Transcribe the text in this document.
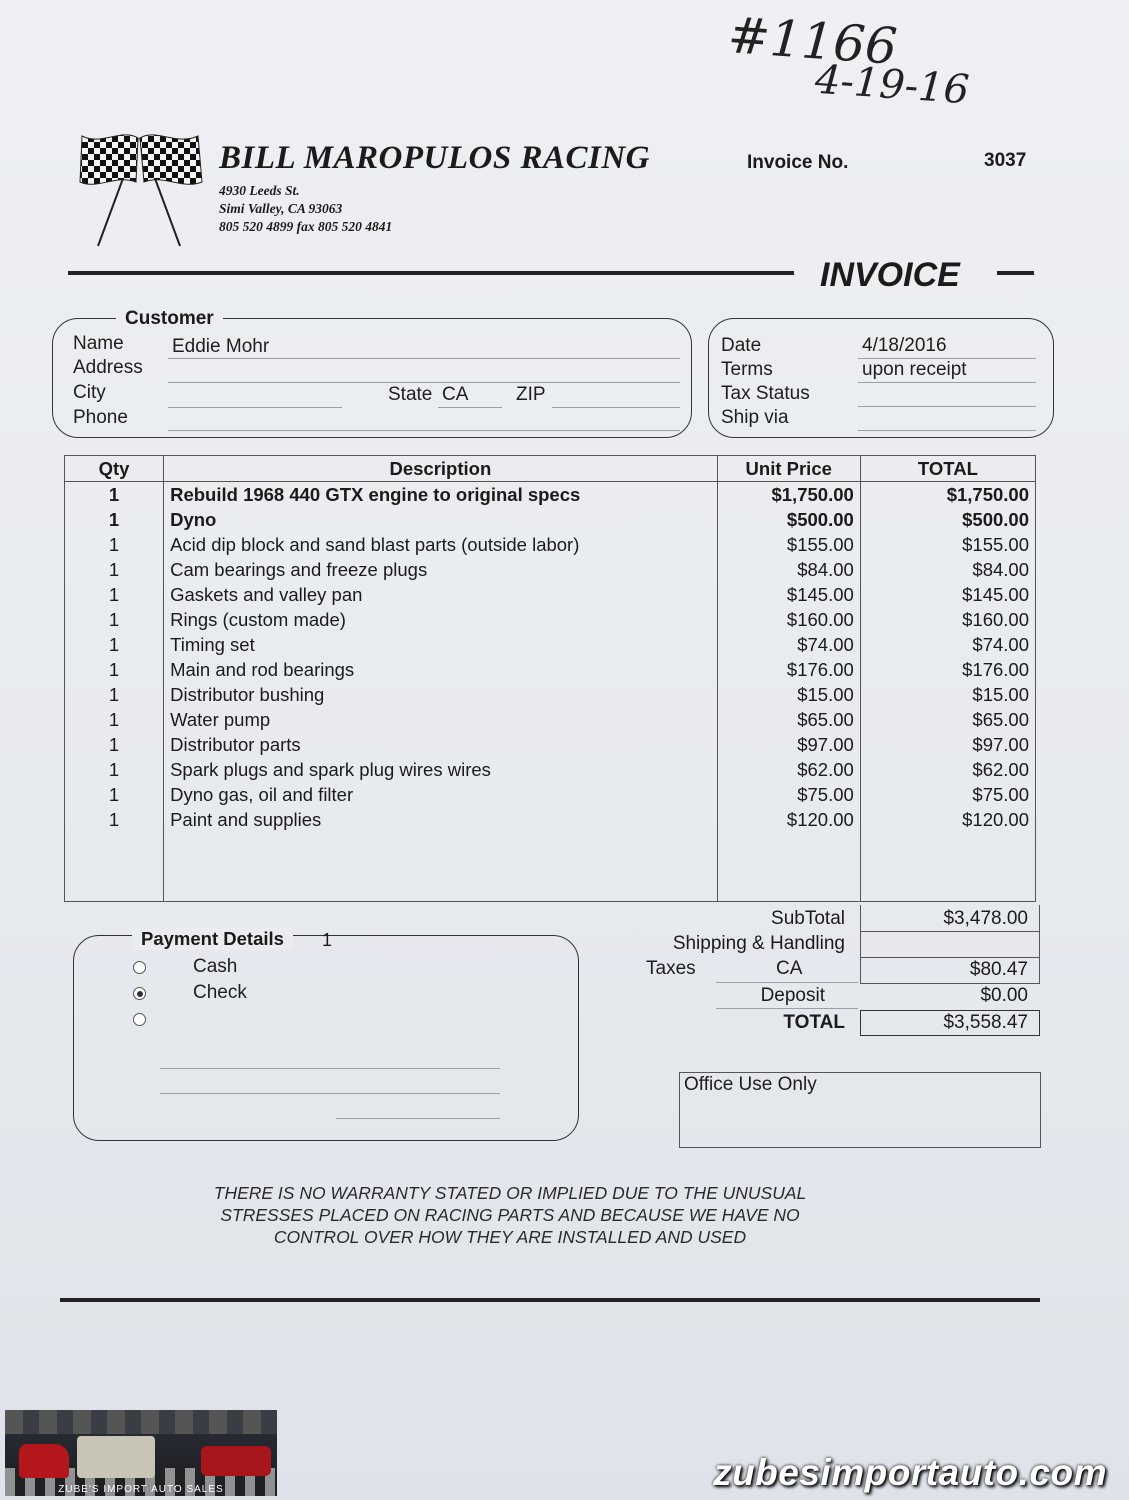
#1166
4-19-16
BILL MAROPULOS RACING
4930 Leeds St.
Simi Valley, CA 93063
805 520 4899 fax 805 520 4841
Invoice No.	3037
INVOICE
Customer
Name	Eddie Mohr
Address
City	State CA	ZIP
Phone
Date	4/18/2016
Terms	upon receipt
Tax Status
Ship via
Qty	Description	Unit Price	TOTAL
1	Rebuild 1968 440 GTX engine to original specs	$1,750.00	$1,750.00
1	Dyno	$500.00	$500.00
1	Acid dip block and sand blast parts (outside labor)	$155.00	$155.00
1	Cam bearings and freeze plugs	$84.00	$84.00
1	Gaskets and valley pan	$145.00	$145.00
1	Rings (custom made)	$160.00	$160.00
1	Timing set	$74.00	$74.00
1	Main and rod bearings	$176.00	$176.00
1	Distributor bushing	$15.00	$15.00
1	Water pump	$65.00	$65.00
1	Distributor parts	$97.00	$97.00
1	Spark plugs and spark plug wires wires	$62.00	$62.00
1	Dyno gas, oil and filter	$75.00	$75.00
1	Paint and supplies	$120.00	$120.00

SubTotal	$3,478.00
Shipping & Handling
Taxes	CA	$80.47
Deposit	$0.00
TOTAL	$3,558.47
Payment Details	1
Cash
Check
Office Use Only
THERE IS NO WARRANTY STATED OR IMPLIED DUE TO THE UNUSUAL
STRESSES PLACED ON RACING PARTS AND BECAUSE WE HAVE NO
CONTROL OVER HOW THEY ARE INSTALLED AND USED
ZUBE'S IMPORT AUTO SALES	zubesimportauto.com
